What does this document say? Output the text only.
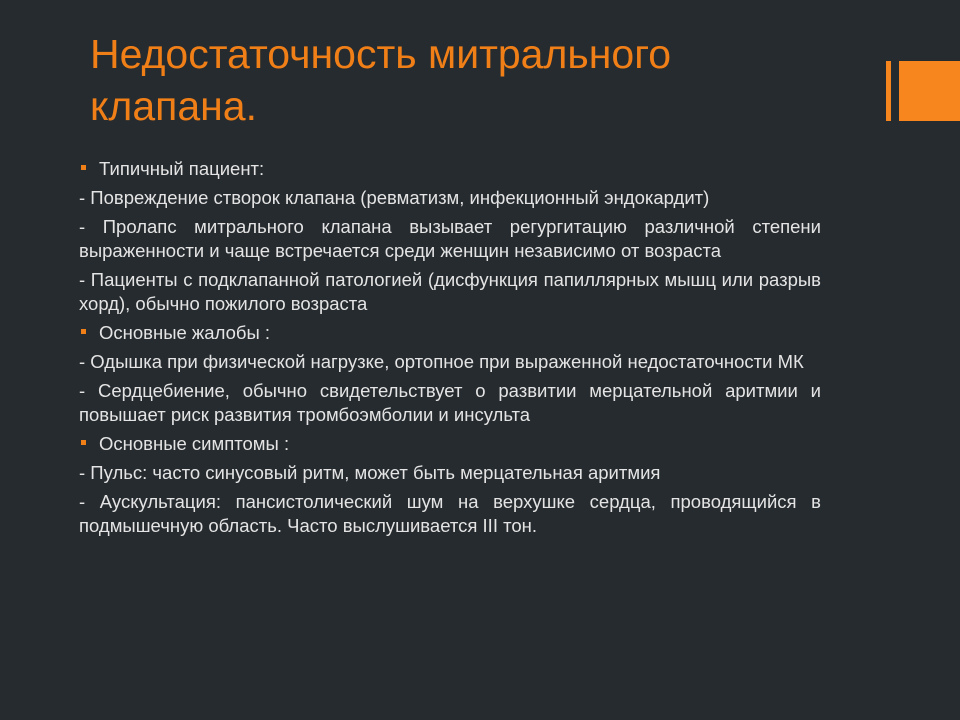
Недостаточность митрального клапана.
Типичный пациент:

- Повреждение створок клапана (ревматизм, инфекционный эндокардит)

- Пролапс митрального клапана вызывает регургитацию различной степени выраженности и чаще встречается среди женщин независимо от возраста

- Пациенты с подклапанной патологией (дисфункция папиллярных мышц или разрыв хорд), обычно пожилого возраста

Основные жалобы :

- Одышка при физической нагрузке, ортопное при выраженной недостаточности МК

- Сердцебиение, обычно свидетельствует о развитии мерцательной аритмии и повышает риск развития тромбоэмболии и инсульта

Основные симптомы :

- Пульс: часто синусовый ритм, может быть мерцательная аритмия

- Аускультация: пансистолический шум на верхушке сердца, проводящийся в подмышечную область. Часто выслушивается III тон.
